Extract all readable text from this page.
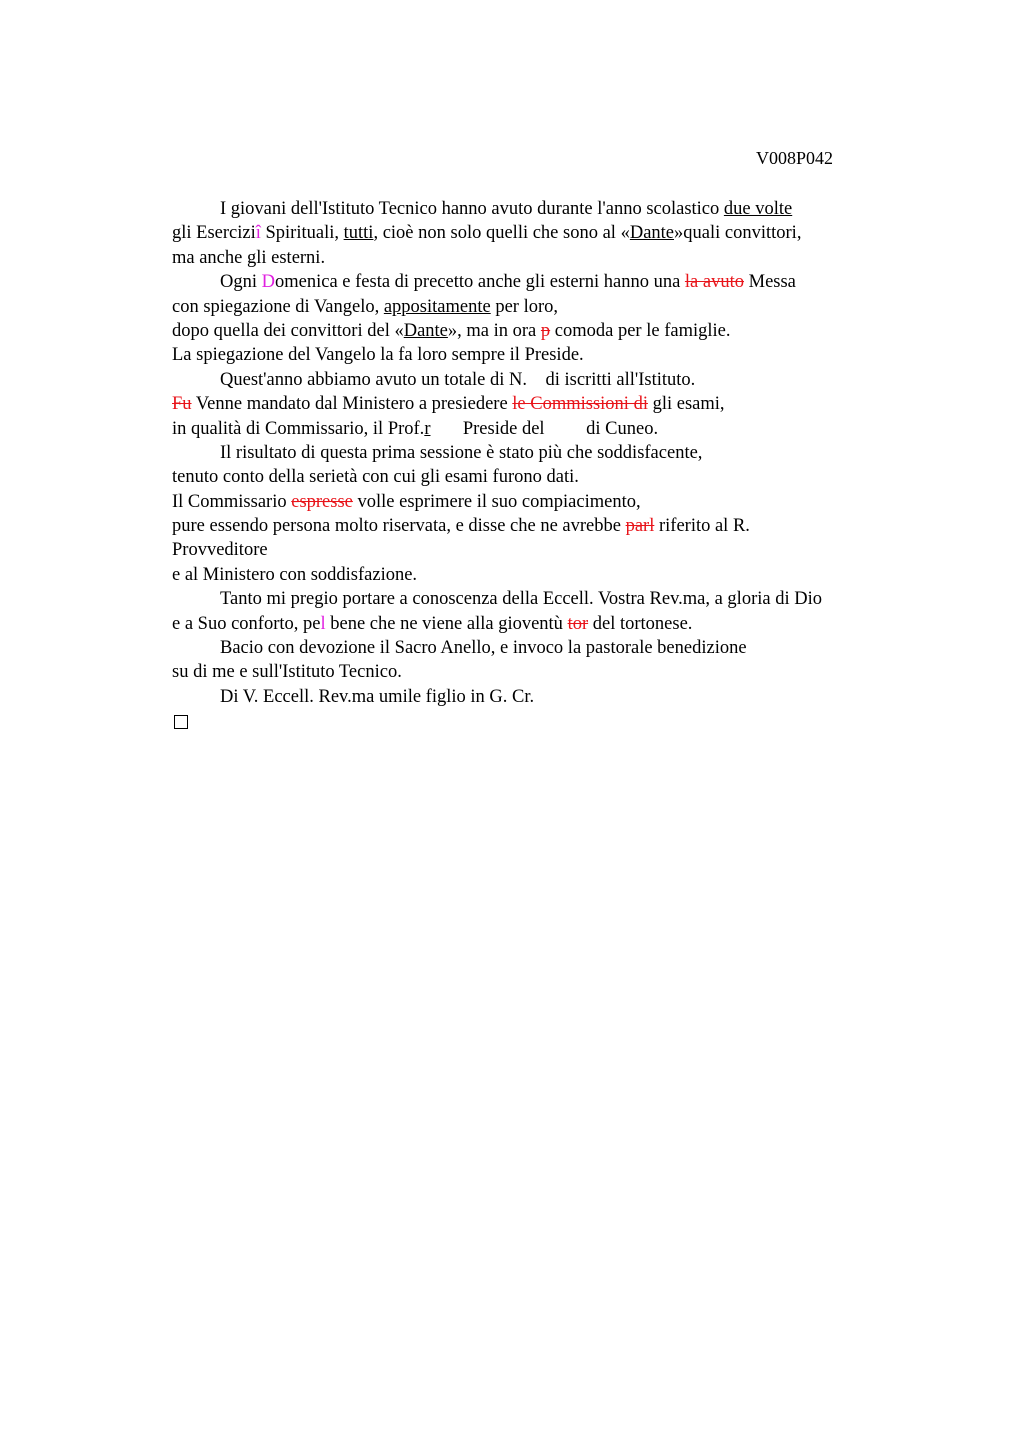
V008P042
I giovani dell'Istituto Tecnico hanno avuto durante l'anno scolastico due volte
gli Eserciziî Spirituali, tutti, cioè non solo quelli che sono al «Dante»quali convittori,
ma anche gli esterni.
Ogni Domenica e festa di precetto anche gli esterni hanno una la avuto Messa
con spiegazione di Vangelo, appositamente per loro,
dopo quella dei convittori del «Dante», ma in ora p comoda per le famiglie.
La spiegazione del Vangelo la fa loro sempre il Preside.
Quest'anno abbiamo avuto un totale di N.    di iscritti all'Istituto.
Fu Venne mandato dal Ministero a presiedere le Commissioni di gli esami,
in qualità di Commissario, il Prof.r       Preside del         di Cuneo.
Il risultato di questa prima sessione è stato più che soddisfacente,
tenuto conto della serietà con cui gli esami furono dati.
Il Commissario espresse volle esprimere il suo compiacimento,
pure essendo persona molto riservata, e disse che ne avrebbe parl riferito al R.
Provveditore
e al Ministero con soddisfazione.
Tanto mi pregio portare a conoscenza della Eccell. Vostra Rev.ma, a gloria di Dio
e a Suo conforto, pel bene che ne viene alla gioventù tor del tortonese.
Bacio con devozione il Sacro Anello, e invoco la pastorale benedizione
su di me e sull'Istituto Tecnico.
Di V. Eccell. Rev.ma umile figlio in G. Cr.
